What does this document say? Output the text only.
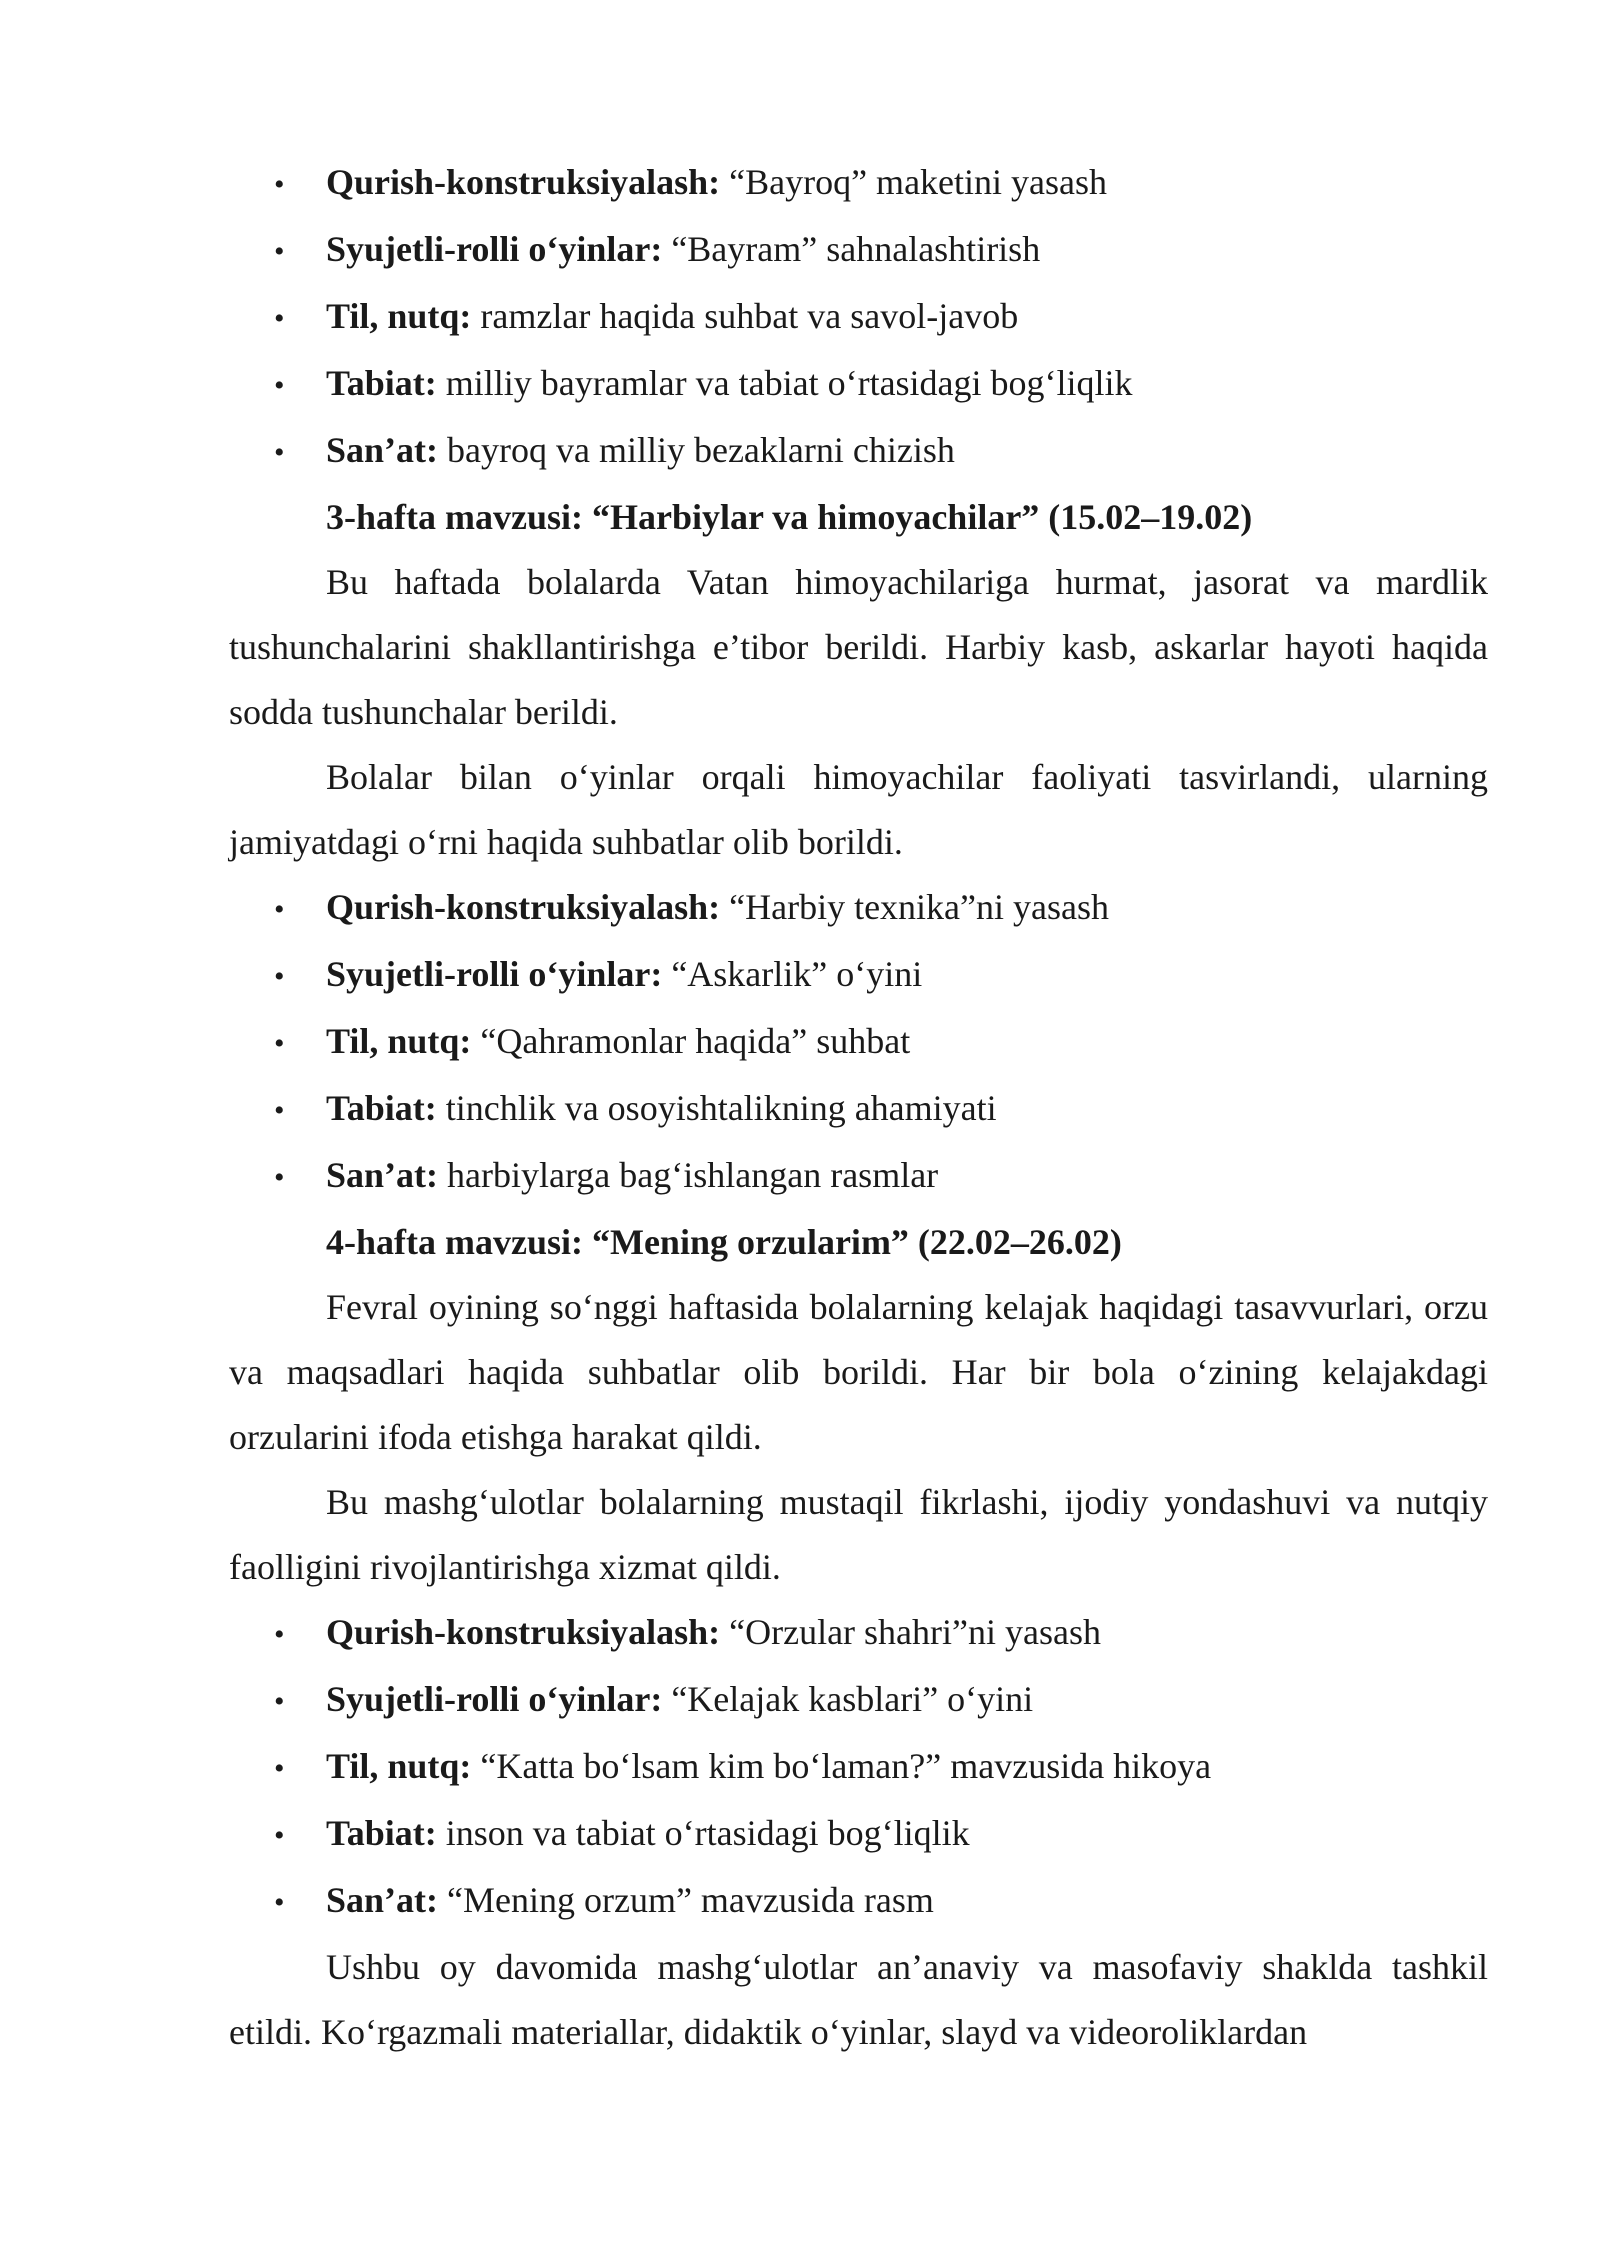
•	Qurish-konstruksiyalash: “Bayroq” maketini yasash

•	Syujetli-rolli o‘yinlar: “Bayram” sahnalashtirish

•	Til, nutq: ramzlar haqida suhbat va savol-javob

•	Tabiat: milliy bayramlar va tabiat o‘rtasidagi bog‘liqlik

•	San’at: bayroq va milliy bezaklarni chizish

3-hafta mavzusi: “Harbiylar va himoyachilar” (15.02–19.02)

Bu haftada bolalarda Vatan himoyachilariga hurmat, jasorat va mardlik tushunchalarini shakllantirishga e’tibor berildi. Harbiy kasb, askarlar hayoti haqida sodda tushunchalar berildi.

Bolalar bilan o‘yinlar orqali himoyachilar faoliyati tasvirlandi, ularning jamiyatdagi o‘rni haqida suhbatlar olib borildi.

•	Qurish-konstruksiyalash: “Harbiy texnika”ni yasash

•	Syujetli-rolli o‘yinlar: “Askarlik” o‘yini

•	Til, nutq: “Qahramonlar haqida” suhbat

•	Tabiat: tinchlik va osoyishtalikning ahamiyati

•	San’at: harbiylarga bag‘ishlangan rasmlar

4-hafta mavzusi: “Mening orzularim” (22.02–26.02)

Fevral oyining so‘nggi haftasida bolalarning kelajak haqidagi tasavvurlari, orzu va maqsadlari haqida suhbatlar olib borildi. Har bir bola o‘zining kelajakdagi orzularini ifoda etishga harakat qildi.

Bu mashg‘ulotlar bolalarning mustaqil fikrlashi, ijodiy yondashuvi va nutqiy faolligini rivojlantirishga xizmat qildi.

•	Qurish-konstruksiyalash: “Orzular shahri”ni yasash

•	Syujetli-rolli o‘yinlar: “Kelajak kasblari” o‘yini

•	Til, nutq: “Katta bo‘lsam kim bo‘laman?” mavzusida hikoya

•	Tabiat: inson va tabiat o‘rtasidagi bog‘liqlik

•	San’at: “Mening orzum” mavzusida rasm

Ushbu oy davomida mashg‘ulotlar an’anaviy va masofaviy shaklda tashkil etildi. Ko‘rgazmali materiallar, didaktik o‘yinlar, slayd va videoroliklardan
